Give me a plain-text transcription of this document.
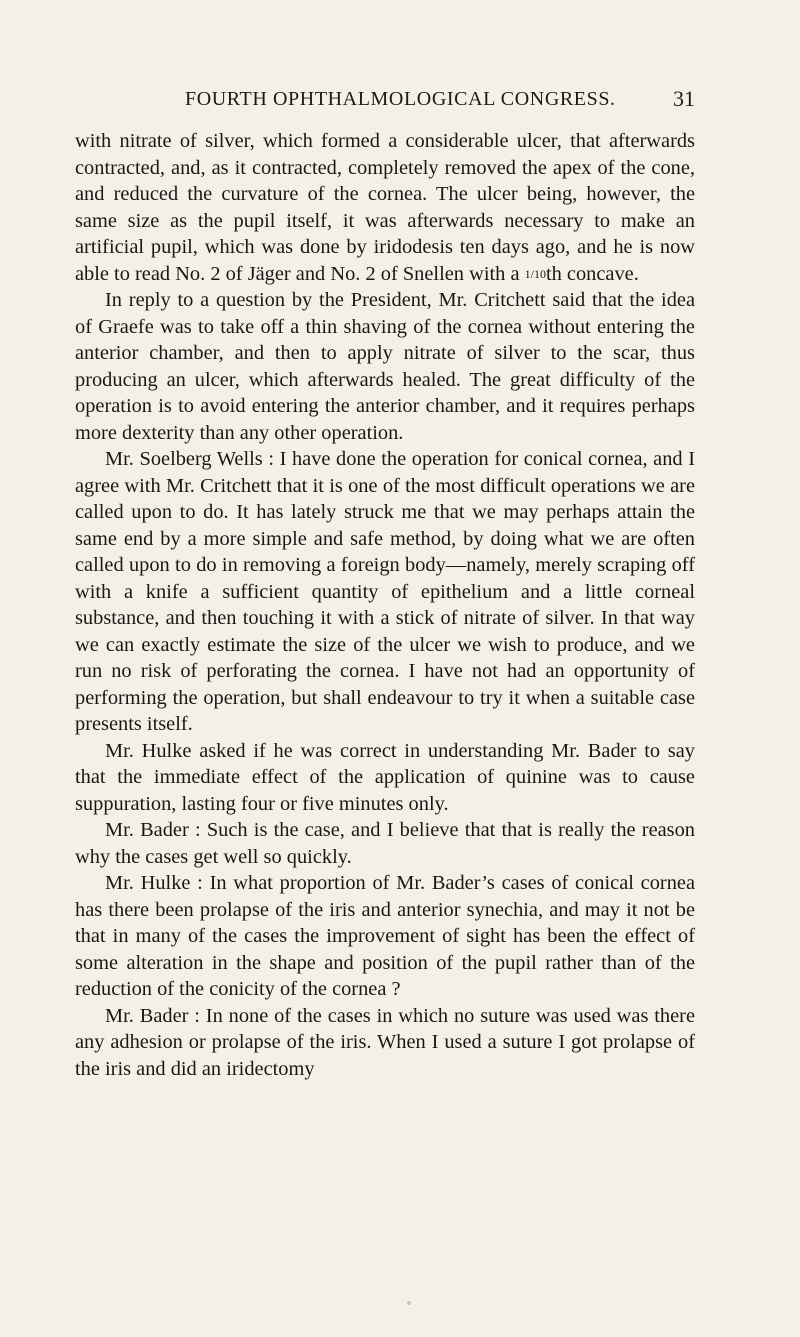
FOURTH OPHTHALMOLOGICAL CONGRESS.	31

with nitrate of silver, which formed a considerable ulcer, that afterwards contracted, and, as it contracted, completely removed the apex of the cone, and reduced the curvature of the cornea. The ulcer being, however, the same size as the pupil itself, it was afterwards necessary to make an artificial pupil, which was done by iridodesis ten days ago, and he is now able to read No. 2 of Jäger and No. 2 of Snellen with a 1/10th concave.

In reply to a question by the President, Mr. Critchett said that the idea of Graefe was to take off a thin shaving of the cornea without entering the anterior chamber, and then to apply nitrate of silver to the scar, thus producing an ulcer, which afterwards healed. The great difficulty of the operation is to avoid entering the anterior chamber, and it requires perhaps more dexterity than any other operation.

Mr. Soelberg Wells : I have done the operation for conical cornea, and I agree with Mr. Critchett that it is one of the most difficult operations we are called upon to do. It has lately struck me that we may perhaps attain the same end by a more simple and safe method, by doing what we are often called upon to do in removing a foreign body—namely, merely scraping off with a knife a sufficient quantity of epithelium and a little corneal substance, and then touching it with a stick of nitrate of silver. In that way we can exactly estimate the size of the ulcer we wish to produce, and we run no risk of perforating the cornea. I have not had an opportunity of performing the operation, but shall endeavour to try it when a suitable case presents itself.

Mr. Hulke asked if he was correct in understanding Mr. Bader to say that the immediate effect of the application of quinine was to cause suppuration, lasting four or five minutes only.

Mr. Bader : Such is the case, and I believe that that is really the reason why the cases get well so quickly.

Mr. Hulke : In what proportion of Mr. Bader’s cases of conical cornea has there been prolapse of the iris and anterior synechia, and may it not be that in many of the cases the improvement of sight has been the effect of some alteration in the shape and position of the pupil rather than of the reduction of the conicity of the cornea ?

Mr. Bader : In none of the cases in which no suture was used was there any adhesion or prolapse of the iris. When I used a suture I got prolapse of the iris and did an iridectomy
